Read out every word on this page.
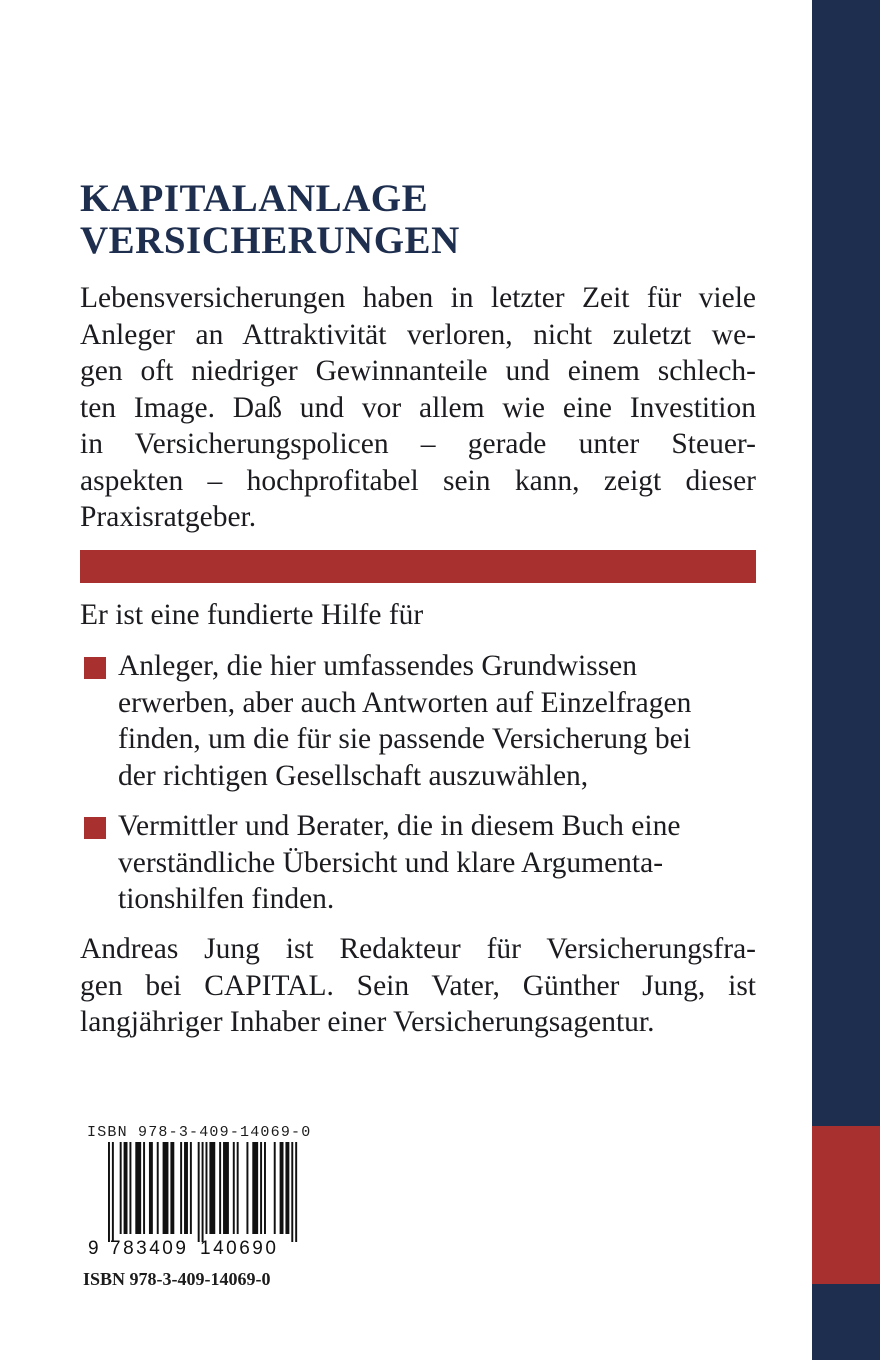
KAPITALANLAGE
VERSICHERUNGEN
Lebensversicherungen haben in letzter Zeit für viele
Anleger an Attraktivität verloren, nicht zuletzt we-
gen oft niedriger Gewinnanteile und einem schlech-
ten Image. Daß und vor allem wie eine Investition
in Versicherungspolicen – gerade unter Steuer-
aspekten – hochprofitabel sein kann, zeigt dieser
Praxisratgeber.

Er ist eine fundierte Hilfe für

Anleger, die hier umfassendes Grundwissen
erwerben, aber auch Antworten auf Einzelfragen
finden, um die für sie passende Versicherung bei
der richtigen Gesellschaft auszuwählen,
Vermittler und Berater, die in diesem Buch eine
verständliche Übersicht und klare Argumenta-
tionshilfen finden.
Andreas Jung ist Redakteur für Versicherungsfra-
gen bei CAPITAL. Sein Vater, Günther Jung, ist
langjähriger Inhaber einer Versicherungsagentur.

ISBN 978-3-409-14069-0

9 783409 140690

ISBN 978-3-409-14069-0
